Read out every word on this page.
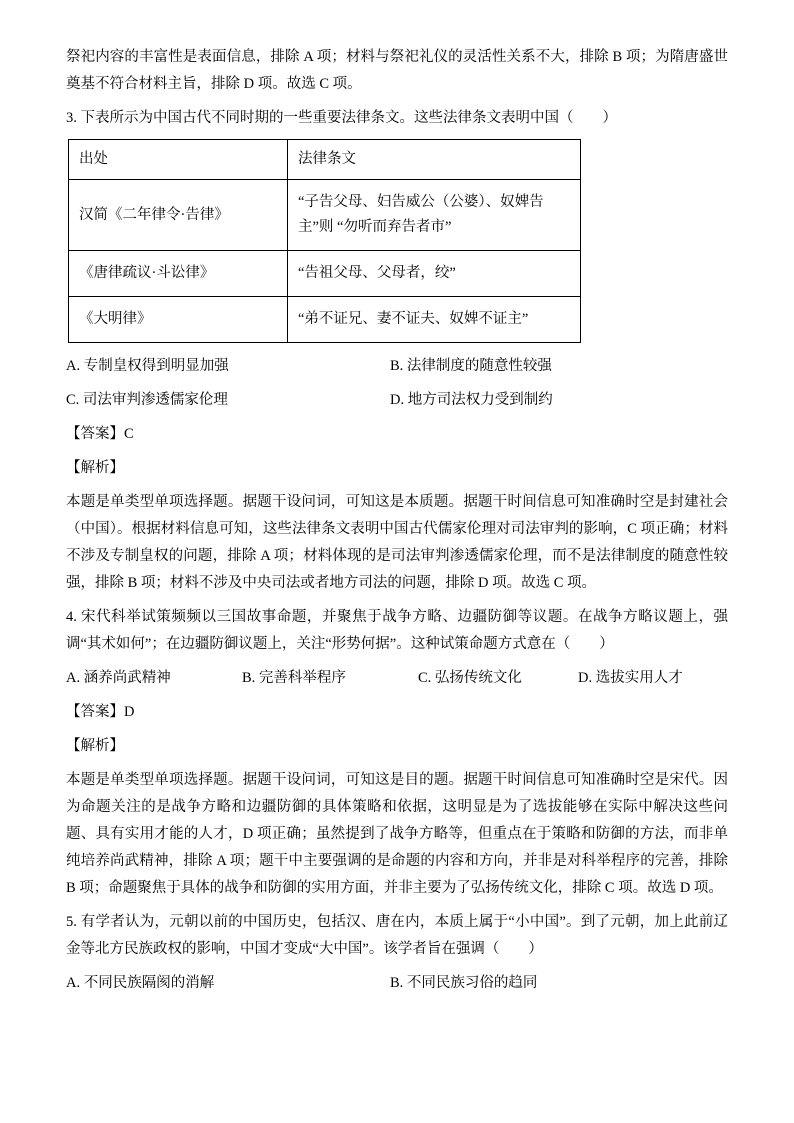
祭祀内容的丰富性是表面信息，排除 A 项；材料与祭祀礼仪的灵活性关系不大，排除 B 项；为隋唐盛世奠基不符合材料主旨，排除 D 项。故选 C 项。

3. 下表所示为中国古代不同时期的一些重要法律条文。这些法律条文表明中国（　　）

出处	法律条文
汉简《二年律令·告律》	“子告父母、妇告威公（公婆）、奴婢告主”则 “勿听而弃告者市”
《唐律疏议·斗讼律》	“告祖父母、父母者，绞”
《大明律》	“弟不证兄、妻不证夫、奴婢不证主”
A. 专制皇权得到明显加强	B. 法律制度的随意性较强
C. 司法审判渗透儒家伦理	D. 地方司法权力受到制约

【答案】C

【解析】

本题是单类型单项选择题。据题干设问词，可知这是本质题。据题干时间信息可知准确时空是封建社会（中国）。根据材料信息可知，这些法律条文表明中国古代儒家伦理对司法审判的影响，C 项正确；材料不涉及专制皇权的问题，排除 A 项；材料体现的是司法审判渗透儒家伦理，而不是法律制度的随意性较强，排除 B 项；材料不涉及中央司法或者地方司法的问题，排除 D 项。故选 C 项。

4. 宋代科举试策频频以三国故事命题，并聚焦于战争方略、边疆防御等议题。在战争方略议题上，强调“其术如何”；在边疆防御议题上，关注“形势何据”。这种试策命题方式意在（　　）

A. 涵养尚武精神	B. 完善科举程序	C. 弘扬传统文化	D. 选拔实用人才

【答案】D

【解析】

本题是单类型单项选择题。据题干设问词，可知这是目的题。据题干时间信息可知准确时空是宋代。因为命题关注的是战争方略和边疆防御的具体策略和依据，这明显是为了选拔能够在实际中解决这些问题、具有实用才能的人才，D 项正确；虽然提到了战争方略等，但重点在于策略和防御的方法，而非单纯培养尚武精神，排除 A 项；题干中主要强调的是命题的内容和方向，并非是对科举程序的完善，排除 B 项；命题聚焦于具体的战争和防御的实用方面，并非主要为了弘扬传统文化，排除 C 项。故选 D 项。

5. 有学者认为，元朝以前的中国历史，包括汉、唐在内，本质上属于“小中国”。到了元朝，加上此前辽金等北方民族政权的影响，中国才变成“大中国”。该学者旨在强调（　　）

A. 不同民族隔阂的消解	B. 不同民族习俗的趋同
